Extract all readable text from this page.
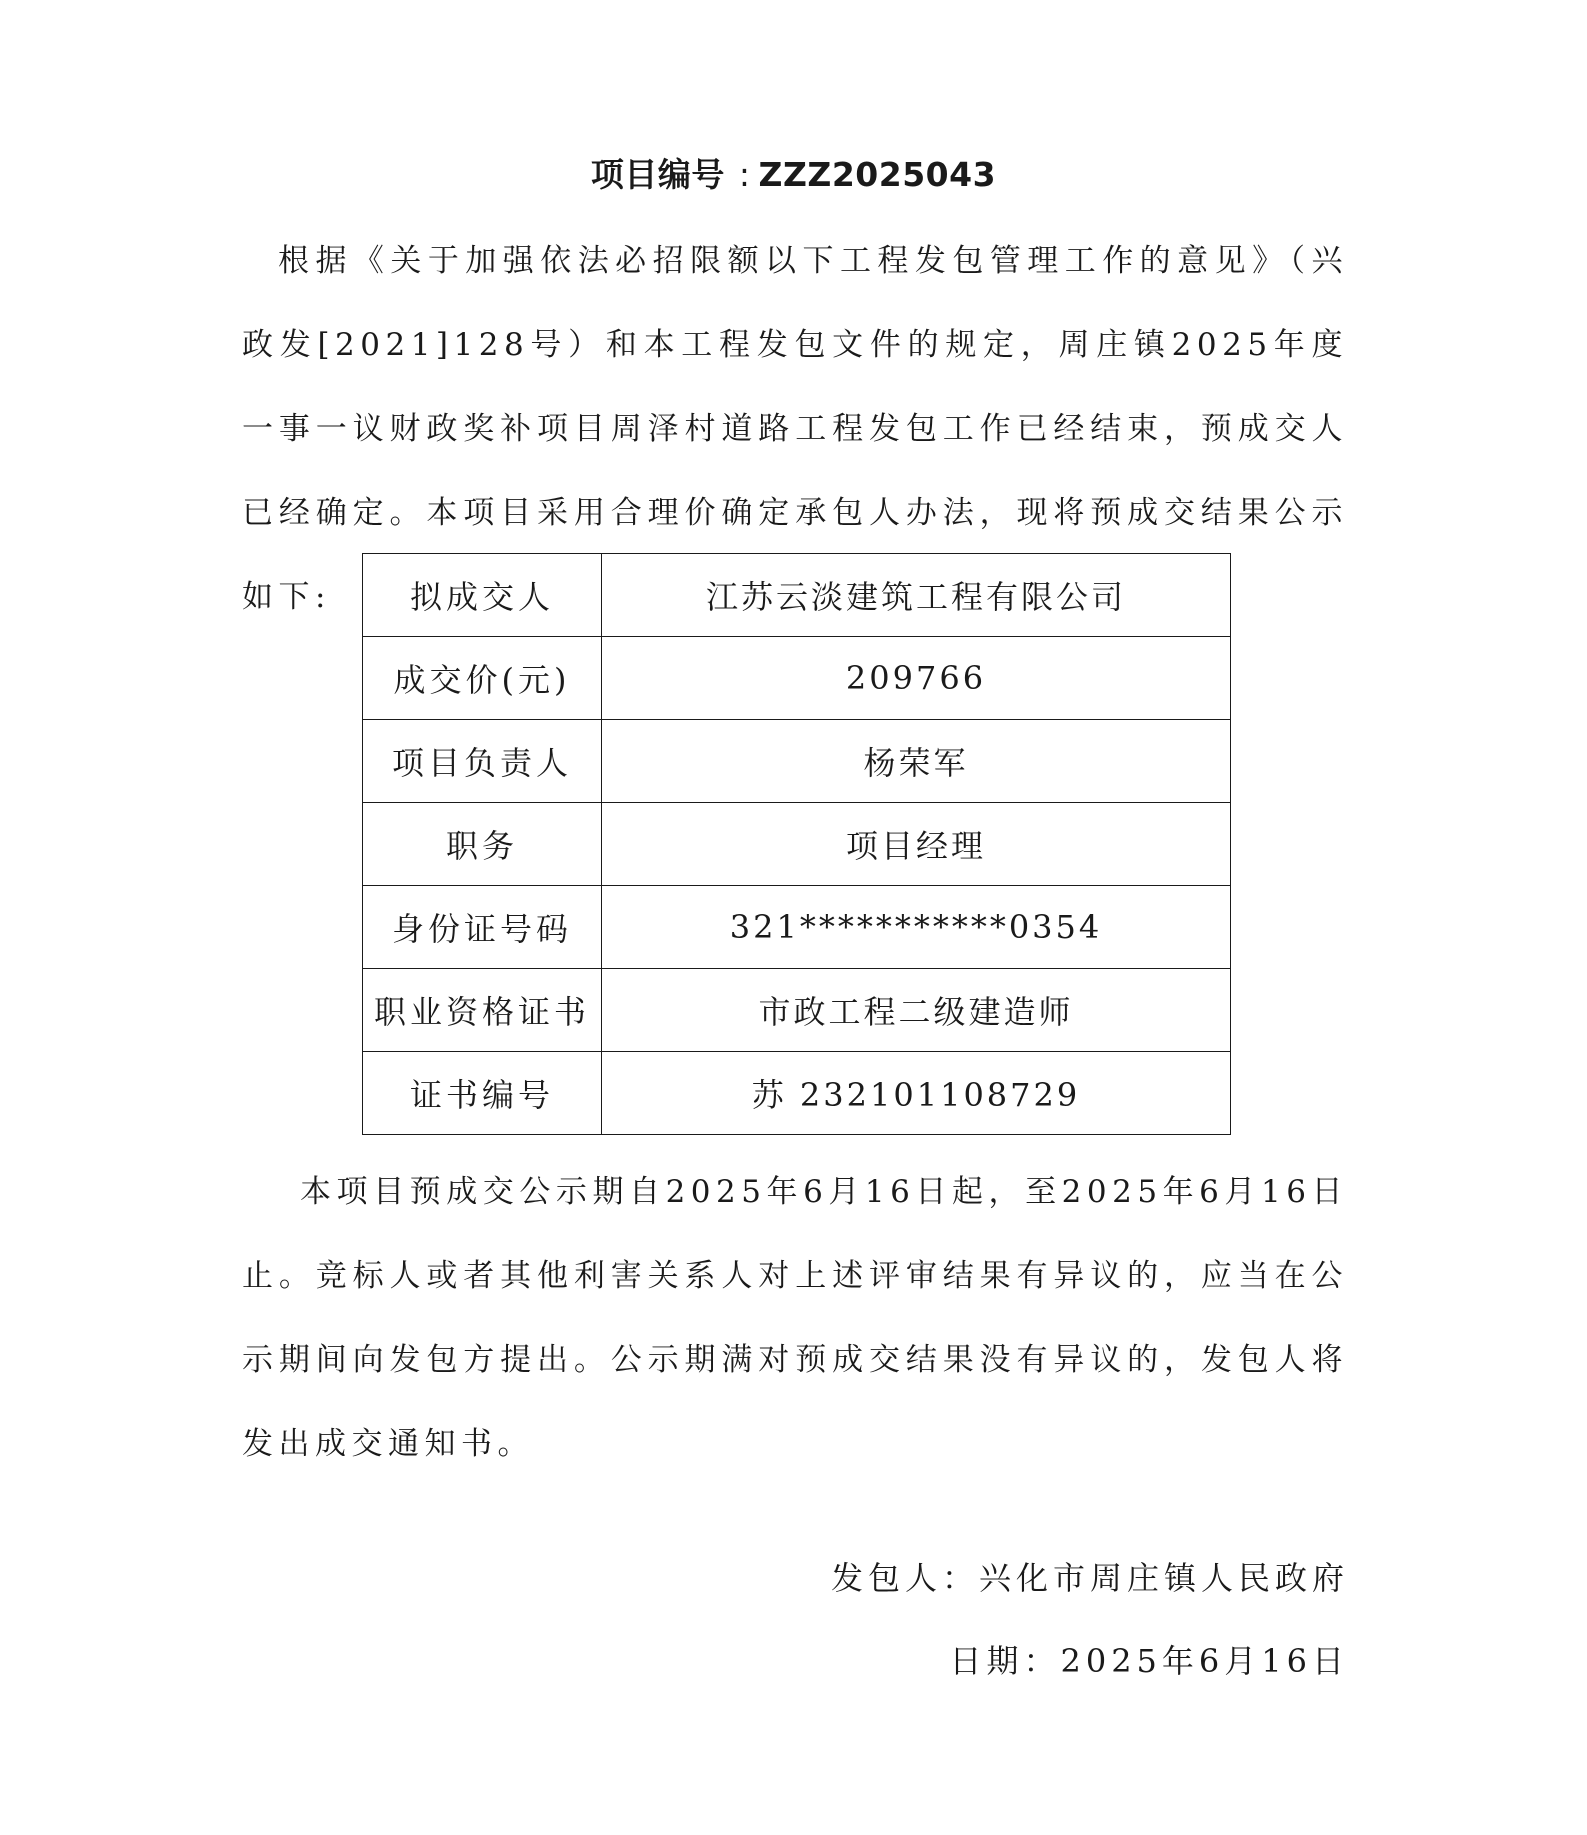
项目编号 : ZZZ2025043

根据《关于加强依法必招限额以下工程发包管理工作的意见》（兴政发[2021]128号）和本工程发包文件的规定，周庄镇2025年度一事一议财政奖补项目周泽村道路工程发包工作已经结束，预成交人已经确定。本项目采用合理价确定承包人办法，现将预成交结果公示如下:	拟成交人	江苏云淡建筑工程有限公司
成交价(元)	209766
项目负责人	杨荣军
职务	项目经理
身份证号码	321***********0354
职业资格证书	市政工程二级建造师
证书编号	苏 232101108729

本项目预成交公示期自2025年6月16日起，至2025年6月16日止。竞标人或者其他利害关系人对上述评审结果有异议的，应当在公示期间向发包方提出。公示期满对预成交结果没有异议的，发包人将发出成交通知书。

发包人：兴化市周庄镇人民政府
日期：2025年6月16日
